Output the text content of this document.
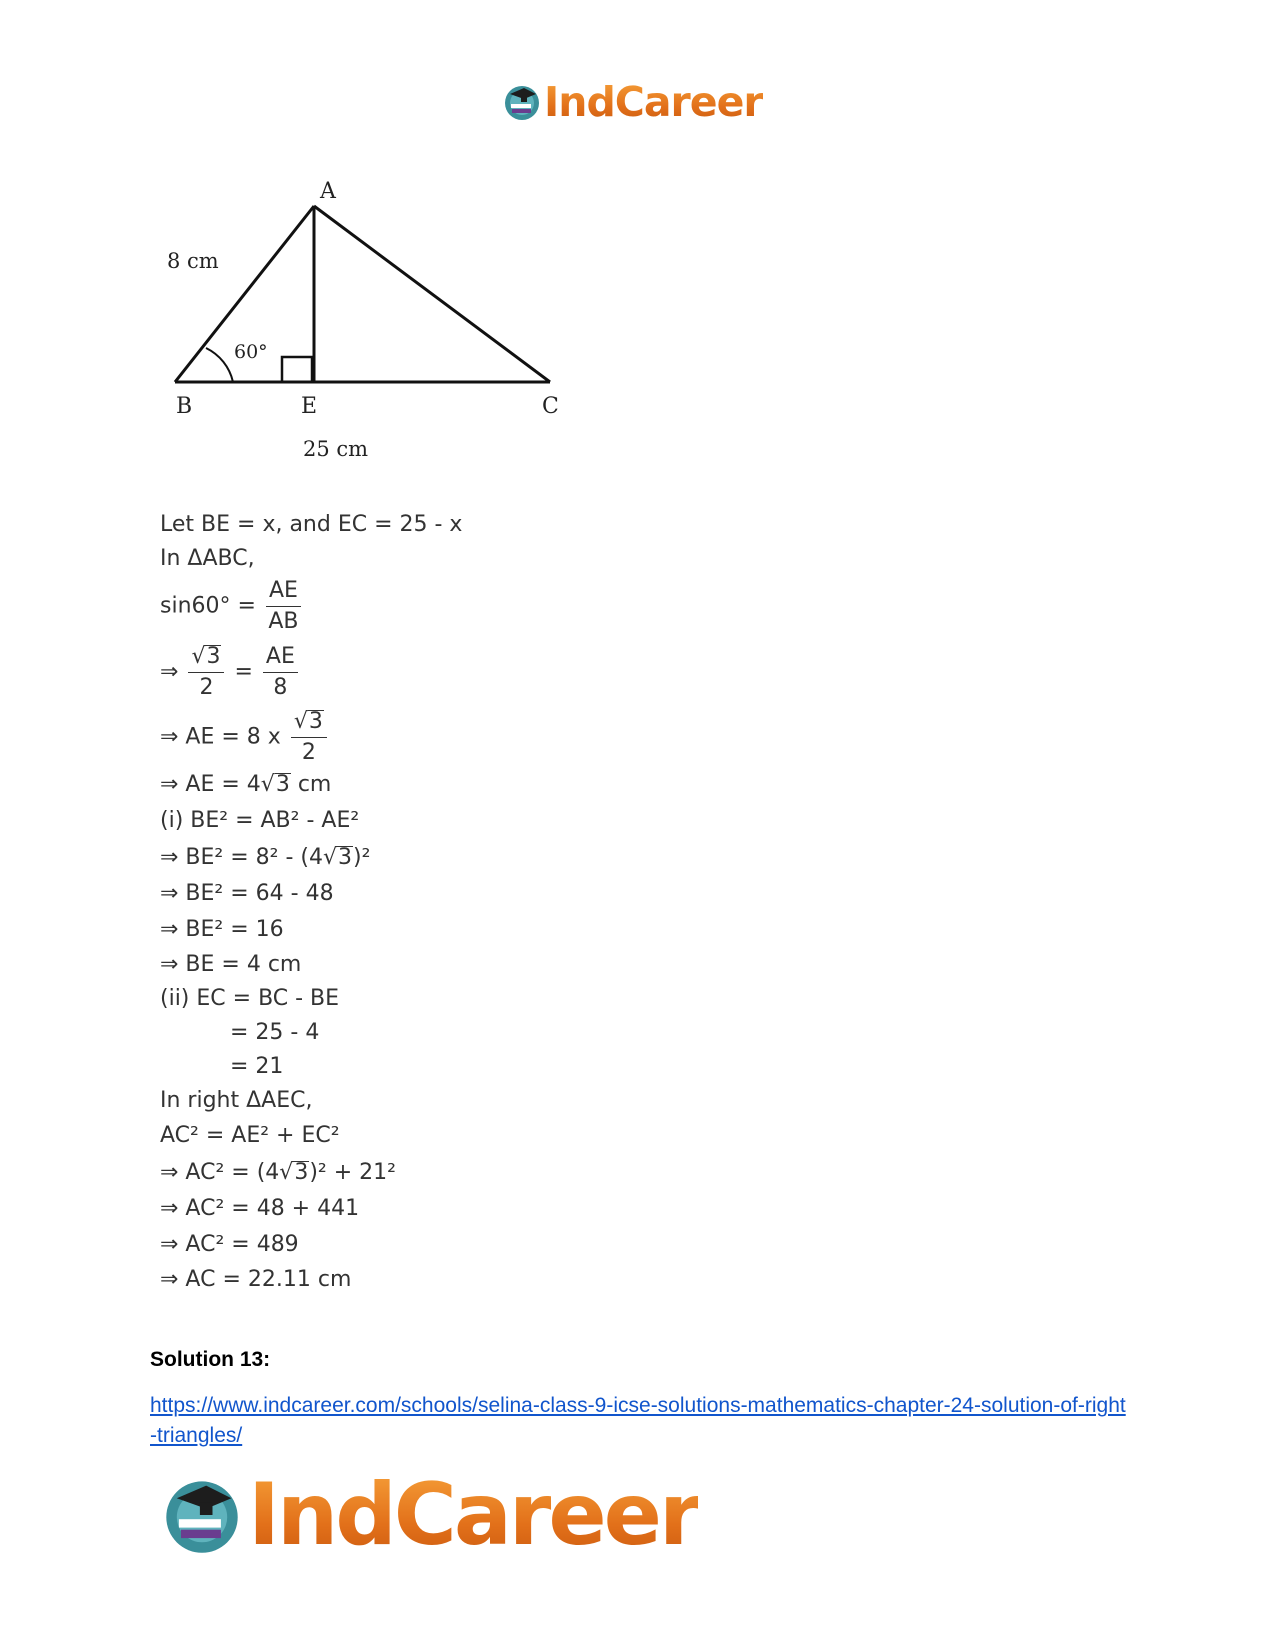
IndCareer
A
B	E	C
8 cm
60°
25 cm
Let BE = x, and EC = 25 - x
In ΔABC,
$\sin 60^\circ = \frac{AE}{AB}$
⇒ $\frac{√3}{2} = \frac{AE}{8}$
⇒ AE = 8 x $\frac{√3}{2}$
⇒ AE = 4√3 cm
(i) BE² = AB² - AE²
⇒ BE² = 8² - (4√3)²
⇒ BE² = 64 - 48
⇒ BE² = 16
⇒ BE = 4 cm
(ii) EC = BC - BE
= 25 - 4
= 21
In right ΔAEC,
AC² = AE² + EC²
⇒ AC² = (4√3)² + 21²
⇒ AC² = 48 + 441
⇒ AC² = 489
⇒ AC = 22.11 cm
Solution 13:
https://www.indcareer.com/schools/selina-class-9-icse-solutions-mathematics-chapter-24-solution-of-right-triangles/
IndCareer
